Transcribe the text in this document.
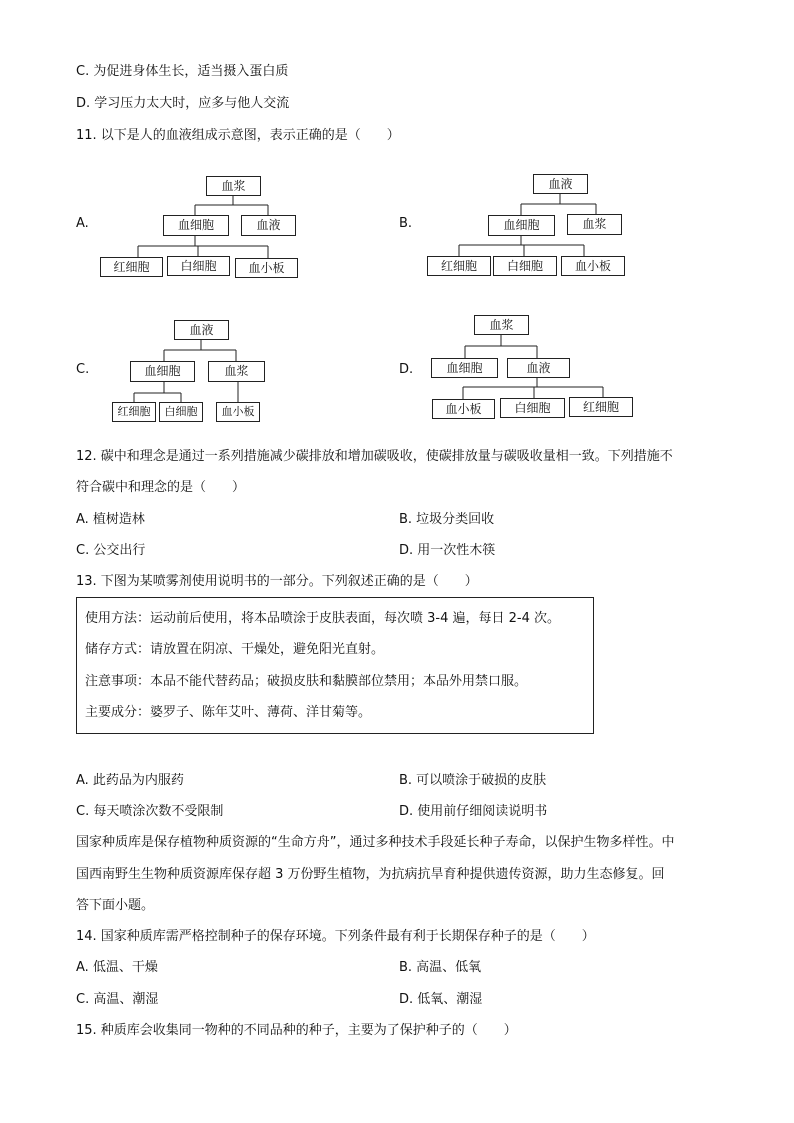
C. 为促进身体生长，适当摄入蛋白质
D. 学习压力太大时，应多与他人交流
11. 以下是人的血液组成示意图，表示正确的是（　　）
A.
血浆
血细胞	血液
红细胞	白细胞	血小板
B.
血液
血细胞	血浆
红细胞	白细胞	血小板
C.
血液
血细胞	血浆
红细胞	白细胞	血小板
D.
血浆
血细胞	血液
血小板	白细胞	红细胞
12. 碳中和理念是通过一系列措施减少碳排放和增加碳吸收，使碳排放量与碳吸收量相一致。下列措施不
符合碳中和理念的是（　　）
A. 植树造林	B. 垃圾分类回收
C. 公交出行	D. 用一次性木筷
13. 下图为某喷雾剂使用说明书的一部分。下列叙述正确的是（　　）
使用方法：运动前后使用，将本品喷涂于皮肤表面，每次喷 3-4 遍，每日 2-4 次。
储存方式：请放置在阴凉、干燥处，避免阳光直射。
注意事项：本品不能代替药品；破损皮肤和黏膜部位禁用；本品外用禁口服。
主要成分：婆罗子、陈年艾叶、薄荷、洋甘菊等。
A. 此药品为内服药	B. 可以喷涂于破损的皮肤
C. 每天喷涂次数不受限制	D. 使用前仔细阅读说明书
国家种质库是保存植物种质资源的“生命方舟”，通过多种技术手段延长种子寿命，以保护生物多样性。中
国西南野生生物种质资源库保存超 3 万份野生植物，为抗病抗旱育种提供遗传资源，助力生态修复。回
答下面小题。
14. 国家种质库需严格控制种子的保存环境。下列条件最有利于长期保存种子的是（　　）
A. 低温、干燥	B. 高温、低氧
C. 高温、潮湿	D. 低氧、潮湿
15. 种质库会收集同一物种的不同品种的种子，主要为了保护种子的（　　）
